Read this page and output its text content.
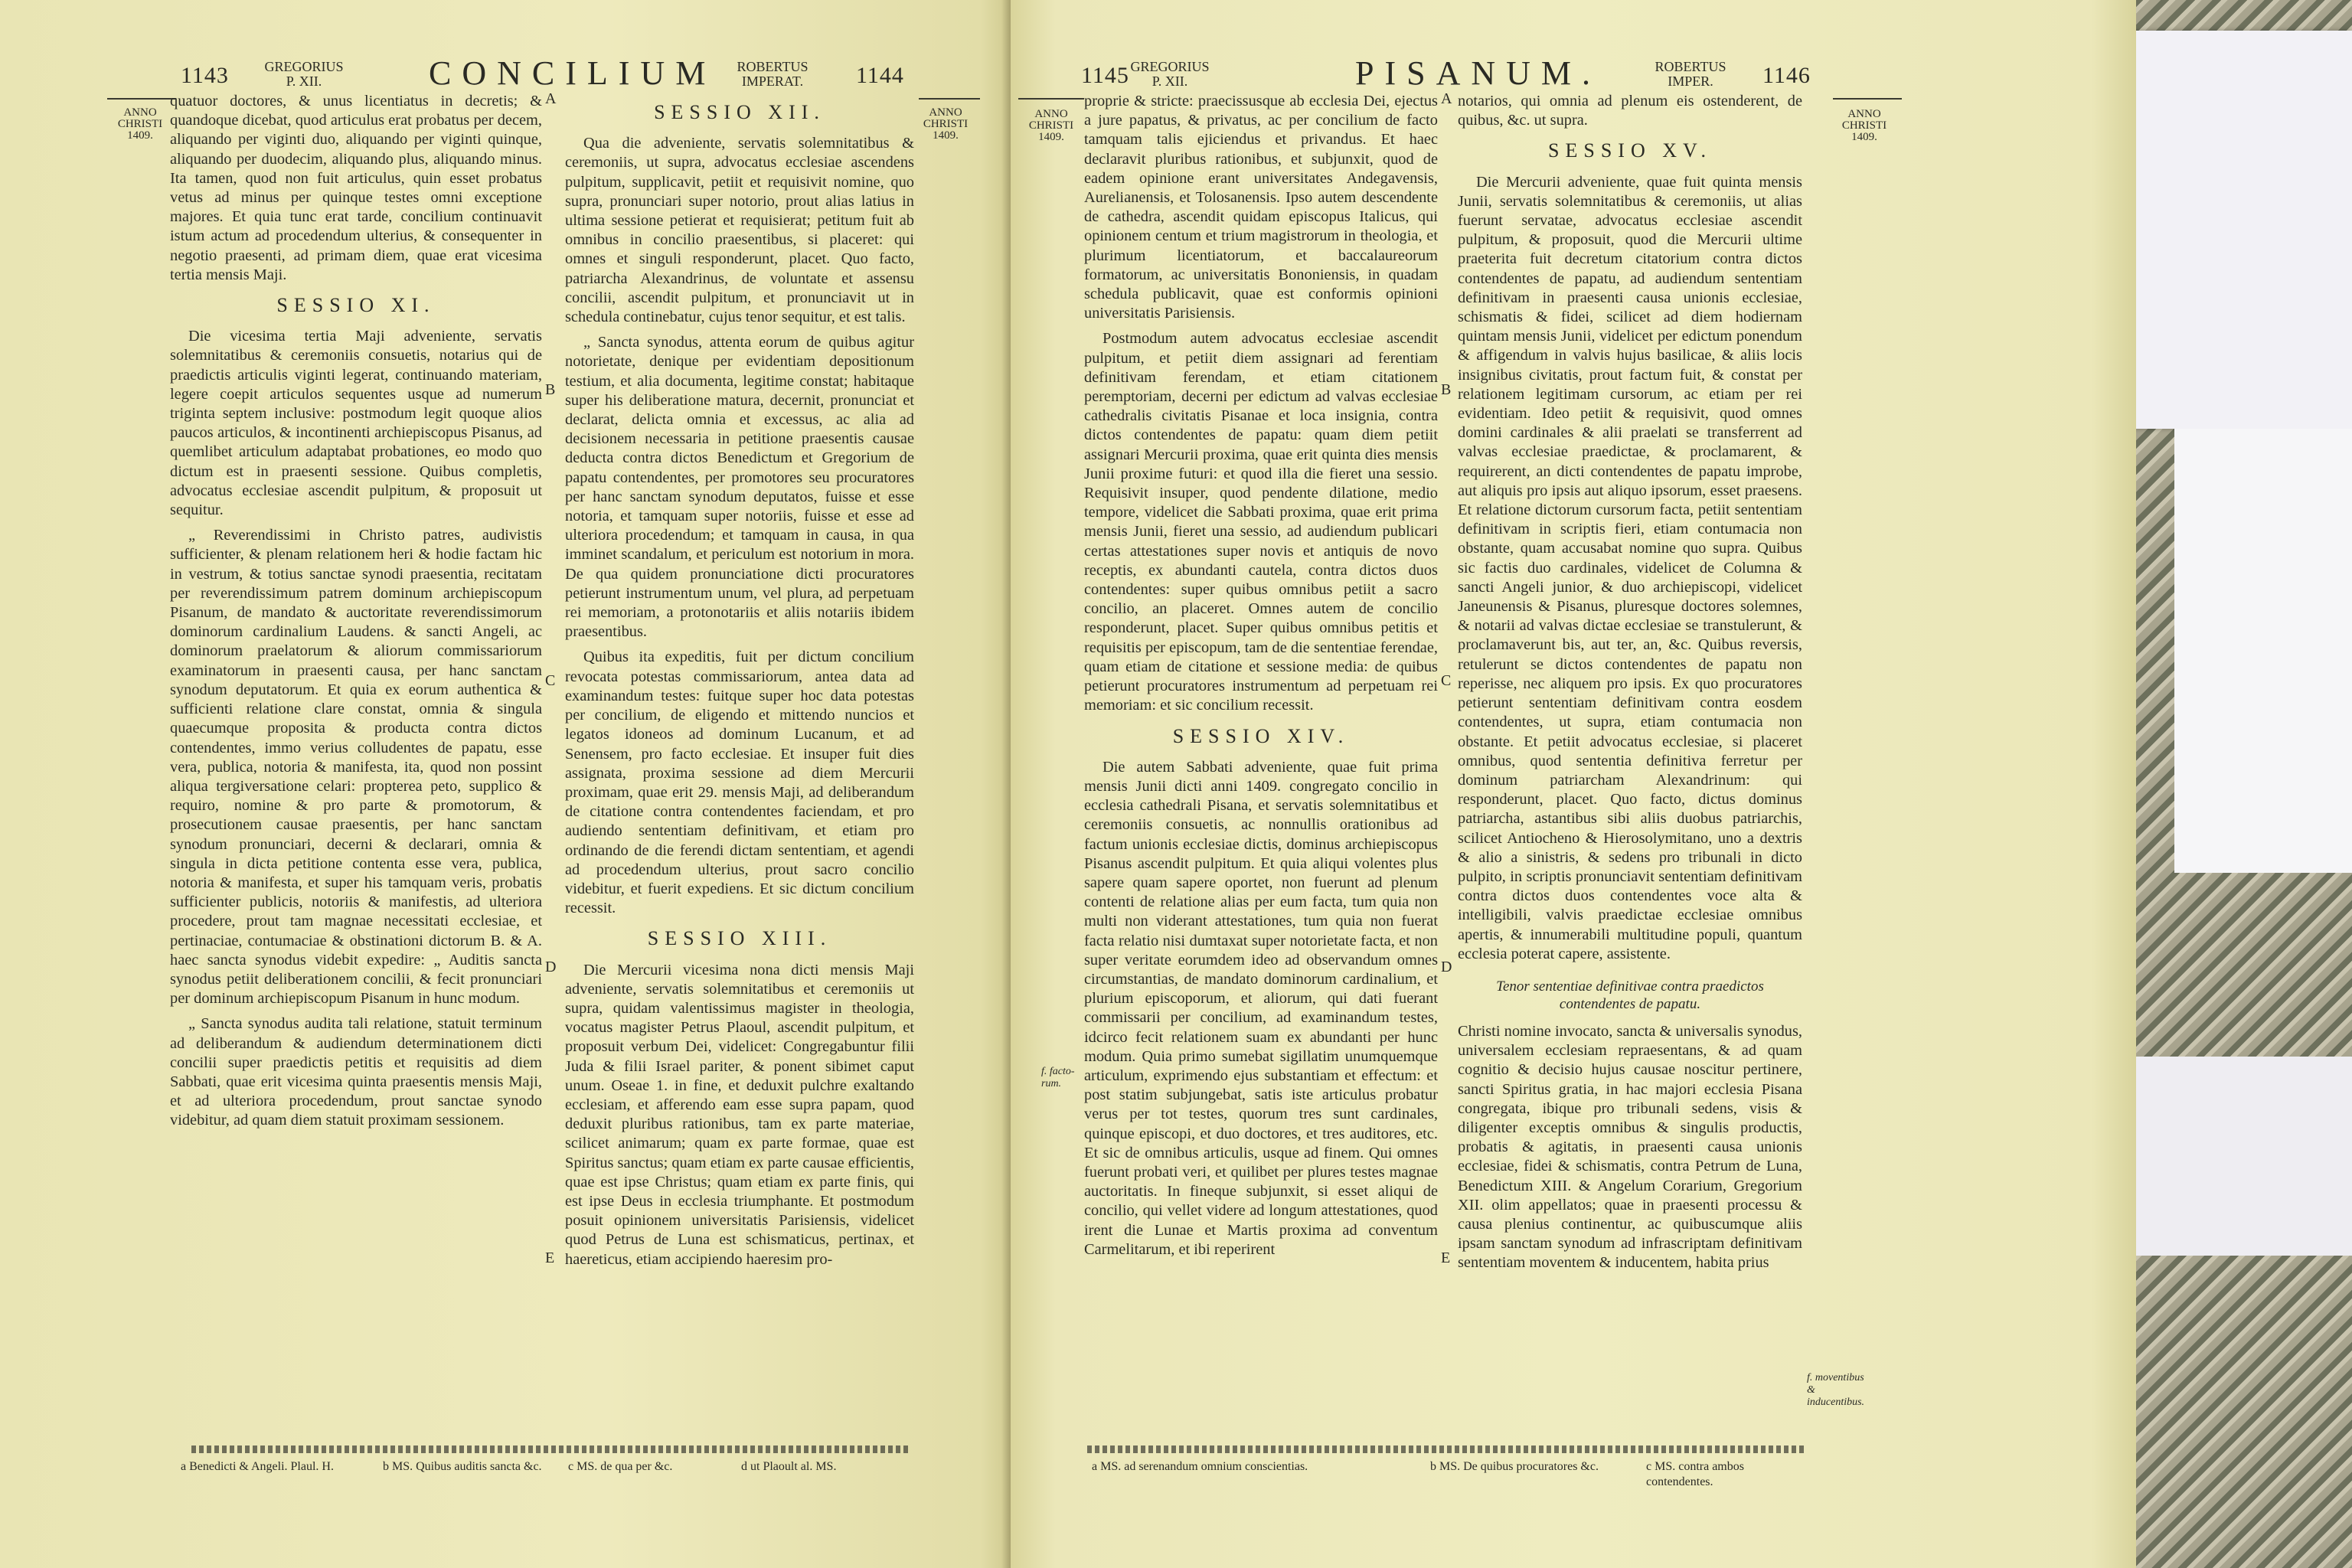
1143	GREGORIUS P. XII.	CONCILIUM	ROBERTUS IMPERAT.	1144
ANNO CHRISTI 1409.
ANNO CHRISTI 1409.
A
B
C
D
E

quatuor doctores, & unus licentiatus in decretis; & quandoque dicebat, quod articulus erat probatus per decem, aliquando per viginti duo, aliquando per viginti quinque, aliquando per duodecim, aliquando plus, aliquando minus. Ita tamen, quod non fuit articulus, quin esset probatus vetus ad minus per quinque testes omni exceptione majores. Et quia tunc erat tarde, concilium continuavit istum actum ad procedendum ulterius, & consequenter in negotio praesenti, ad primam diem, quae erat vicesima tertia mensis Maji.

SESSIO XI.

Die vicesima tertia Maji adveniente, servatis solemnitatibus & ceremoniis consuetis, notarius qui de praedictis articulis viginti legerat, continuando materiam, legere coepit articulos sequentes usque ad numerum triginta septem inclusive: postmodum legit quoque alios paucos articulos, & incontinenti archiepiscopus Pisanus, ad quemlibet articulum adaptabat probationes, eo modo quo dictum est in praesenti sessione. Quibus completis, advocatus ecclesiae ascendit pulpitum, & proposuit ut sequitur.

„ Reverendissimi in Christo patres, audivistis sufficienter, & plenam relationem heri & hodie factam hic in vestrum, & totius sanctae synodi praesentia, recitatam per reverendissimum patrem dominum archiepiscopum Pisanum, de mandato & auctoritate reverendissimorum dominorum cardinalium Laudens. & sancti Angeli, ac dominorum praelatorum & aliorum commissariorum examinatorum in praesenti causa, per hanc sanctam synodum deputatorum. Et quia ex eorum authentica & sufficienti relatione clare constat, omnia & singula quaecumque proposita & producta contra dictos contendentes, immo verius colludentes de papatu, esse vera, publica, notoria & manifesta, ita, quod non possint aliqua tergiversatione celari: propterea peto, supplico & requiro, nomine & pro parte & promotorum, & prosecutionem causae praesentis, per hanc sanctam synodum pronunciari, decerni & declarari, omnia & singula in dicta petitione contenta esse vera, publica, notoria & manifesta, et super his tamquam veris, probatis sufficienter publicis, notoriis & manifestis, ad ulteriora procedere, prout tam magnae necessitati ecclesiae, et pertinaciae, contumaciae & obstinationi dictorum B. & A. haec sancta synodus videbit expedire: „ Auditis sancta synodus petiit deliberationem concilii, & fecit pronunciari per dominum archiepiscopum Pisanum in hunc modum.

„ Sancta synodus audita tali relatione, statuit terminum ad deliberandum & audiendum determinationem dicti concilii super praedictis petitis et requisitis ad diem Sabbati, quae erit vicesima quinta praesentis mensis Maji, et ad ulteriora procedendum, prout sanctae synodo videbitur, ad quam diem statuit proximam sessionem.

SESSIO XII.

Qua die adveniente, servatis solemnitatibus & ceremoniis, ut supra, advocatus ecclesiae ascendens pulpitum, supplicavit, petiit et requisivit nomine, quo supra, pronunciari super notorio, prout alias latius in ultima sessione petierat et requisierat; petitum fuit ab omnibus in concilio praesentibus, si placeret: qui omnes et singuli responderunt, placet. Quo facto, patriarcha Alexandrinus, de voluntate et assensu concilii, ascendit pulpitum, et pronunciavit ut in schedula continebatur, cujus tenor sequitur, et est talis.

„ Sancta synodus, attenta eorum de quibus agitur notorietate, denique per evidentiam depositionum testium, et alia documenta, legitime constat; habitaque super his deliberatione matura, decernit, pronunciat et declarat, delicta omnia et excessus, ac alia ad decisionem necessaria in petitione praesentis causae deducta contra dictos Benedictum et Gregorium de papatu contendentes, per promotores seu procuratores per hanc sanctam synodum deputatos, fuisse et esse notoria, et tamquam super notoriis, fuisse et esse ad ulteriora procedendum; et tamquam in causa, in qua imminet scandalum, et periculum est notorium in mora. De qua quidem pronunciatione dicti procuratores petierunt instrumentum unum, vel plura, ad perpetuam rei memoriam, a protonotariis et aliis notariis ibidem praesentibus.

Quibus ita expeditis, fuit per dictum concilium revocata potestas commissariorum, antea data ad examinandum testes: fuitque super hoc data potestas per concilium, de eligendo et mittendo nuncios et legatos idoneos ad dominum Lucanum, et ad Senensem, pro facto ecclesiae. Et insuper fuit dies assignata, proxima sessione ad diem Mercurii proximam, quae erit 29. mensis Maji, ad deliberandum de citatione contra contendentes faciendam, et pro audiendo sententiam definitivam, et etiam pro ordinando de die ferendi dictam sententiam, et agendi ad procedendum ulterius, prout sacro concilio videbitur, et fuerit expediens. Et sic dictum concilium recessit.

SESSIO XIII.

Die Mercurii vicesima nona dicti mensis Maji adveniente, servatis solemnitatibus et ceremoniis ut supra, quidam valentissimus magister in theologia, vocatus magister Petrus Plaoul, ascendit pulpitum, et proposuit verbum Dei, videlicet: Congregabuntur filii Juda & filii Israel pariter, & ponent sibimet caput unum. Oseae 1. in fine, et deduxit pulchre exaltando ecclesiam, et afferendo eam esse supra papam, quod deduxit pluribus rationibus, tam ex parte materiae, scilicet animarum; quam ex parte formae, quae est Spiritus sanctus; quam etiam ex parte causae efficientis, quae est ipse Christus; quam etiam ex parte finis, qui est ipse Deus in ecclesia triumphante. Et postmodum posuit opinionem universitatis Parisiensis, videlicet quod Petrus de Luna est schismaticus, pertinax, et haereticus, etiam accipiendo haeresim pro-

a Benedicti & Angeli. Plaul. H.	b MS. Quibus auditis sancta &c. c MS. de qua per &c.	d ut Plaoult al. MS.
1145 GREGORIUS P. XII.	PISANUM.	ROBERTUS IMPER.	1146
ANNO CHRISTI 1409.
ANNO CHRISTI 1409.
A
B
C
D
E
f. facto-rum.
f. moventibus & inducentibus.

proprie & stricte: praecissusque ab ecclesia Dei, ejectus a jure papatus, & privatus, ac per concilium de facto tamquam talis ejiciendus et privandus. Et haec declaravit pluribus rationibus, et subjunxit, quod de eadem opinione erant universitates Andegavensis, Aurelianensis, et Tolosanensis. Ipso autem descendente de cathedra, ascendit quidam episcopus Italicus, qui opinionem centum et trium magistrorum in theologia, et plurimum licentiatorum, et baccalaureorum formatorum, ac universitatis Bononiensis, in quadam schedula publicavit, quae est conformis opinioni universitatis Parisiensis.

Postmodum autem advocatus ecclesiae ascendit pulpitum, et petiit diem assignari ad ferentiam definitivam ferendam, et etiam citationem peremptoriam, decerni per edictum ad valvas ecclesiae cathedralis civitatis Pisanae et loca insignia, contra dictos contendentes de papatu: quam diem petiit assignari Mercurii proxima, quae erit quinta dies mensis Junii proxime futuri: et quod illa die fieret una sessio. Requisivit insuper, quod pendente dilatione, medio tempore, videlicet die Sabbati proxima, quae erit prima mensis Junii, fieret una sessio, ad audiendum publicari certas attestationes super novis et antiquis de novo receptis, ex abundanti cautela, contra dictos duos contendentes: super quibus omnibus petiit a sacro concilio, an placeret. Omnes autem de concilio responderunt, placet. Super quibus omnibus petitis et requisitis per episcopum, tam de die sententiae ferendae, quam etiam de citatione et sessione media: de quibus petierunt procuratores instrumentum ad perpetuam rei memoriam: et sic concilium recessit.

SESSIO XIV.

Die autem Sabbati adveniente, quae fuit prima mensis Junii dicti anni 1409. congregato concilio in ecclesia cathedrali Pisana, et servatis solemnitatibus et ceremoniis consuetis, ac nonnullis orationibus ad factum unionis ecclesiae dictis, dominus archiepiscopus Pisanus ascendit pulpitum. Et quia aliqui volentes plus sapere quam sapere oportet, non fuerunt ad plenum contenti de relatione alias per eum facta, tum quia non multi non viderant attestationes, tum quia non fuerat facta relatio nisi dumtaxat super notorietate facta, et non super veritate eorumdem ideo ad observandum omnes circumstantias, de mandato dominorum cardinalium, et plurium episcoporum, et aliorum, qui dati fuerant commissarii per concilium, ad examinandum testes, idcirco fecit relationem suam ex abundanti per hunc modum. Quia primo sumebat sigillatim unumquemque articulum, exprimendo ejus substantiam et effectum: et post statim subjungebat, satis iste articulus probatur verus per tot testes, quorum tres sunt cardinales, quinque episcopi, et duo doctores, et tres auditores, etc. Et sic de omnibus articulis, usque ad finem. Qui omnes fuerunt probati veri, et quilibet per plures testes magnae auctoritatis. In fineque subjunxit, si esset aliqui de concilio, qui vellet videre ad longum attestationes, quod irent die Lunae et Martis proxima ad conventum Carmelitarum, et ibi reperirent

notarios, qui omnia ad plenum eis ostenderent, de quibus, &c. ut supra.

SESSIO XV.

Die Mercurii adveniente, quae fuit quinta mensis Junii, servatis solemnitatibus & ceremoniis, ut alias fuerunt servatae, advocatus ecclesiae ascendit pulpitum, & proposuit, quod die Mercurii ultime praeterita fuit decretum citatorium contra dictos contendentes de papatu, ad audiendum sententiam definitivam in praesenti causa unionis ecclesiae, schismatis & fidei, scilicet ad diem hodiernam quintam mensis Junii, videlicet per edictum ponendum & affigendum in valvis hujus basilicae, & aliis locis insignibus civitatis, prout factum fuit, & constat per relationem legitimam cursorum, ac etiam per rei evidentiam. Ideo petiit & requisivit, quod omnes domini cardinales & alii praelati se transferrent ad valvas ecclesiae praedictae, & proclamarent, & requirerent, an dicti contendentes de papatu improbe, aut aliquis pro ipsis aut aliquo ipsorum, esset praesens. Et relatione dictorum cursorum facta, petiit sententiam definitivam in scriptis fieri, etiam contumacia non obstante, quam accusabat nomine quo supra. Quibus sic factis duo cardinales, videlicet de Columna & sancti Angeli junior, & duo archiepiscopi, videlicet Janeunensis & Pisanus, pluresque doctores solemnes, & notarii ad valvas dictae ecclesiae se transtulerunt, & proclamaverunt bis, aut ter, an, &c. Quibus reversis, retulerunt se dictos contendentes de papatu non reperisse, nec aliquem pro ipsis. Ex quo procuratores petierunt sententiam definitivam contra eosdem contendentes, ut supra, etiam contumacia non obstante. Et petiit advocatus ecclesiae, si placeret omnibus, quod sententia definitiva ferretur per dominum patriarcham Alexandrinum: qui responderunt, placet. Quo facto, dictus dominus patriarcha, astantibus sibi aliis duobus patriarchis, scilicet Antiocheno & Hierosolymitano, uno a dextris & alio a sinistris, & sedens pro tribunali in dicto pulpito, in scriptis pronunciavit sententiam definitivam contra dictos duos contendentes voce alta & intelligibili, valvis praedictae ecclesiae omnibus apertis, & innumerabili multitudine populi, quantum ecclesia poterat capere, assistente.

Tenor sententiae definitivae contra praedictos contendentes de papatu.

Christi nomine invocato, sancta & universalis synodus, universalem ecclesiam repraesentans, & ad quam cognitio & decisio hujus causae noscitur pertinere, sancti Spiritus gratia, in hac majori ecclesia Pisana congregata, ibique pro tribunali sedens, visis & diligenter exceptis omnibus & singulis productis, probatis & agitatis, in praesenti causa unionis ecclesiae, fidei & schismatis, contra Petrum de Luna, Benedictum XIII. & Angelum Corarium, Gregorium XII. olim appellatos; quae in praesenti processu & causa plenius continentur, ac quibuscumque aliis ipsam sanctam synodum ad infrascriptam definitivam sententiam moventem & inducentem, habita prius

a MS. ad serenandum omnium conscientias.	b MS. De quibus procuratores &c.	c MS. contra ambos contendentes.
